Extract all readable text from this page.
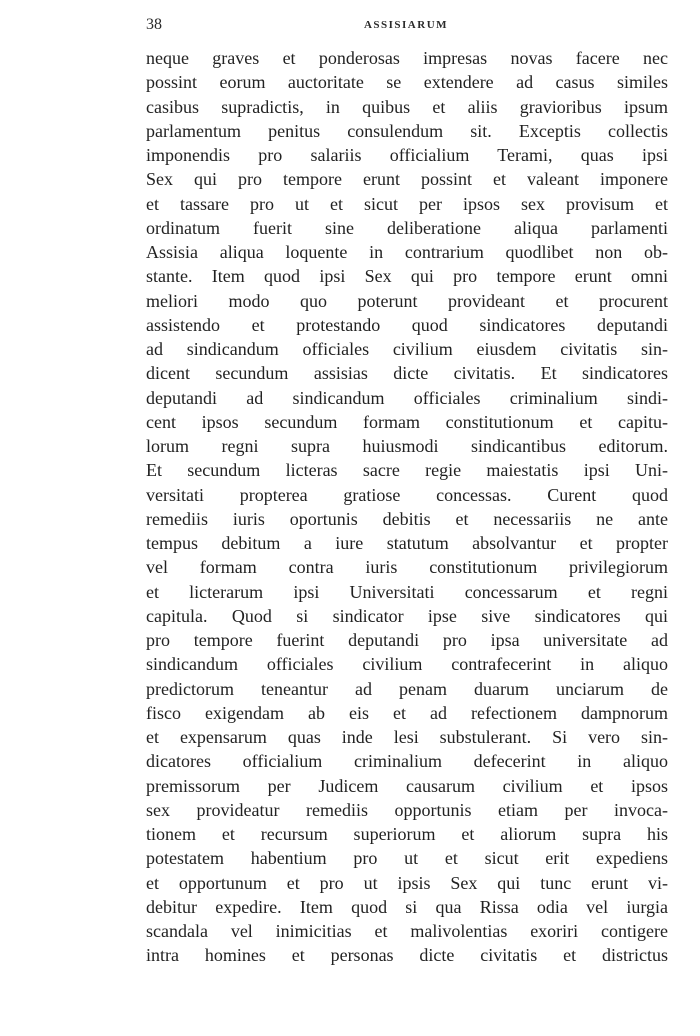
38	ASSISIARUM
neque graves et ponderosas impresas novas facere nec
possint eorum auctoritate se extendere ad casus similes
casibus supradictis, in quibus et aliis gravioribus ipsum
parlamentum penitus consulendum sit. Exceptis collectis
imponendis pro salariis officialium Terami, quas ipsi
Sex qui pro tempore erunt possint et valeant imponere
et tassare pro ut et sicut per ipsos sex provisum et
ordinatum fuerit sine deliberatione aliqua parlamenti
Assisia aliqua loquente in contrarium quodlibet non ob-
stante. Item quod ipsi Sex qui pro tempore erunt omni
meliori modo quo poterunt provideant et procurent
assistendo et protestando quod sindicatores deputandi
ad sindicandum officiales civilium eiusdem civitatis sin-
dicent secundum assisias dicte civitatis. Et sindicatores
deputandi ad sindicandum officiales criminalium sindi-
cent ipsos secundum formam constitutionum et capitu-
lorum regni supra huiusmodi sindicantibus editorum.
Et secundum licteras sacre regie maiestatis ipsi Uni-
versitati propterea gratiose concessas. Curent quod
remediis iuris oportunis debitis et necessariis ne ante
tempus debitum a iure statutum absolvantur et propter
vel formam contra iuris constitutionum privilegiorum
et licterarum ipsi Universitati concessarum et regni
capitula. Quod si sindicator ipse sive sindicatores qui
pro tempore fuerint deputandi pro ipsa universitate ad
sindicandum officiales civilium contrafecerint in aliquo
predictorum teneantur ad penam duarum unciarum de
fisco exigendam ab eis et ad refectionem dampnorum
et expensarum quas inde lesi substulerant. Si vero sin-
dicatores officialium criminalium defecerint in aliquo
premissorum per Judicem causarum civilium et ipsos
sex provideatur remediis opportunis etiam per invoca-
tionem et recursum superiorum et aliorum supra his
potestatem habentium pro ut et sicut erit expediens
et opportunum et pro ut ipsis Sex qui tunc erunt vi-
debitur expedire. Item quod si qua Rissa odia vel iurgia
scandala vel inimicitias et malivolentias exoriri contigere
intra homines et personas dicte civitatis et districtus
